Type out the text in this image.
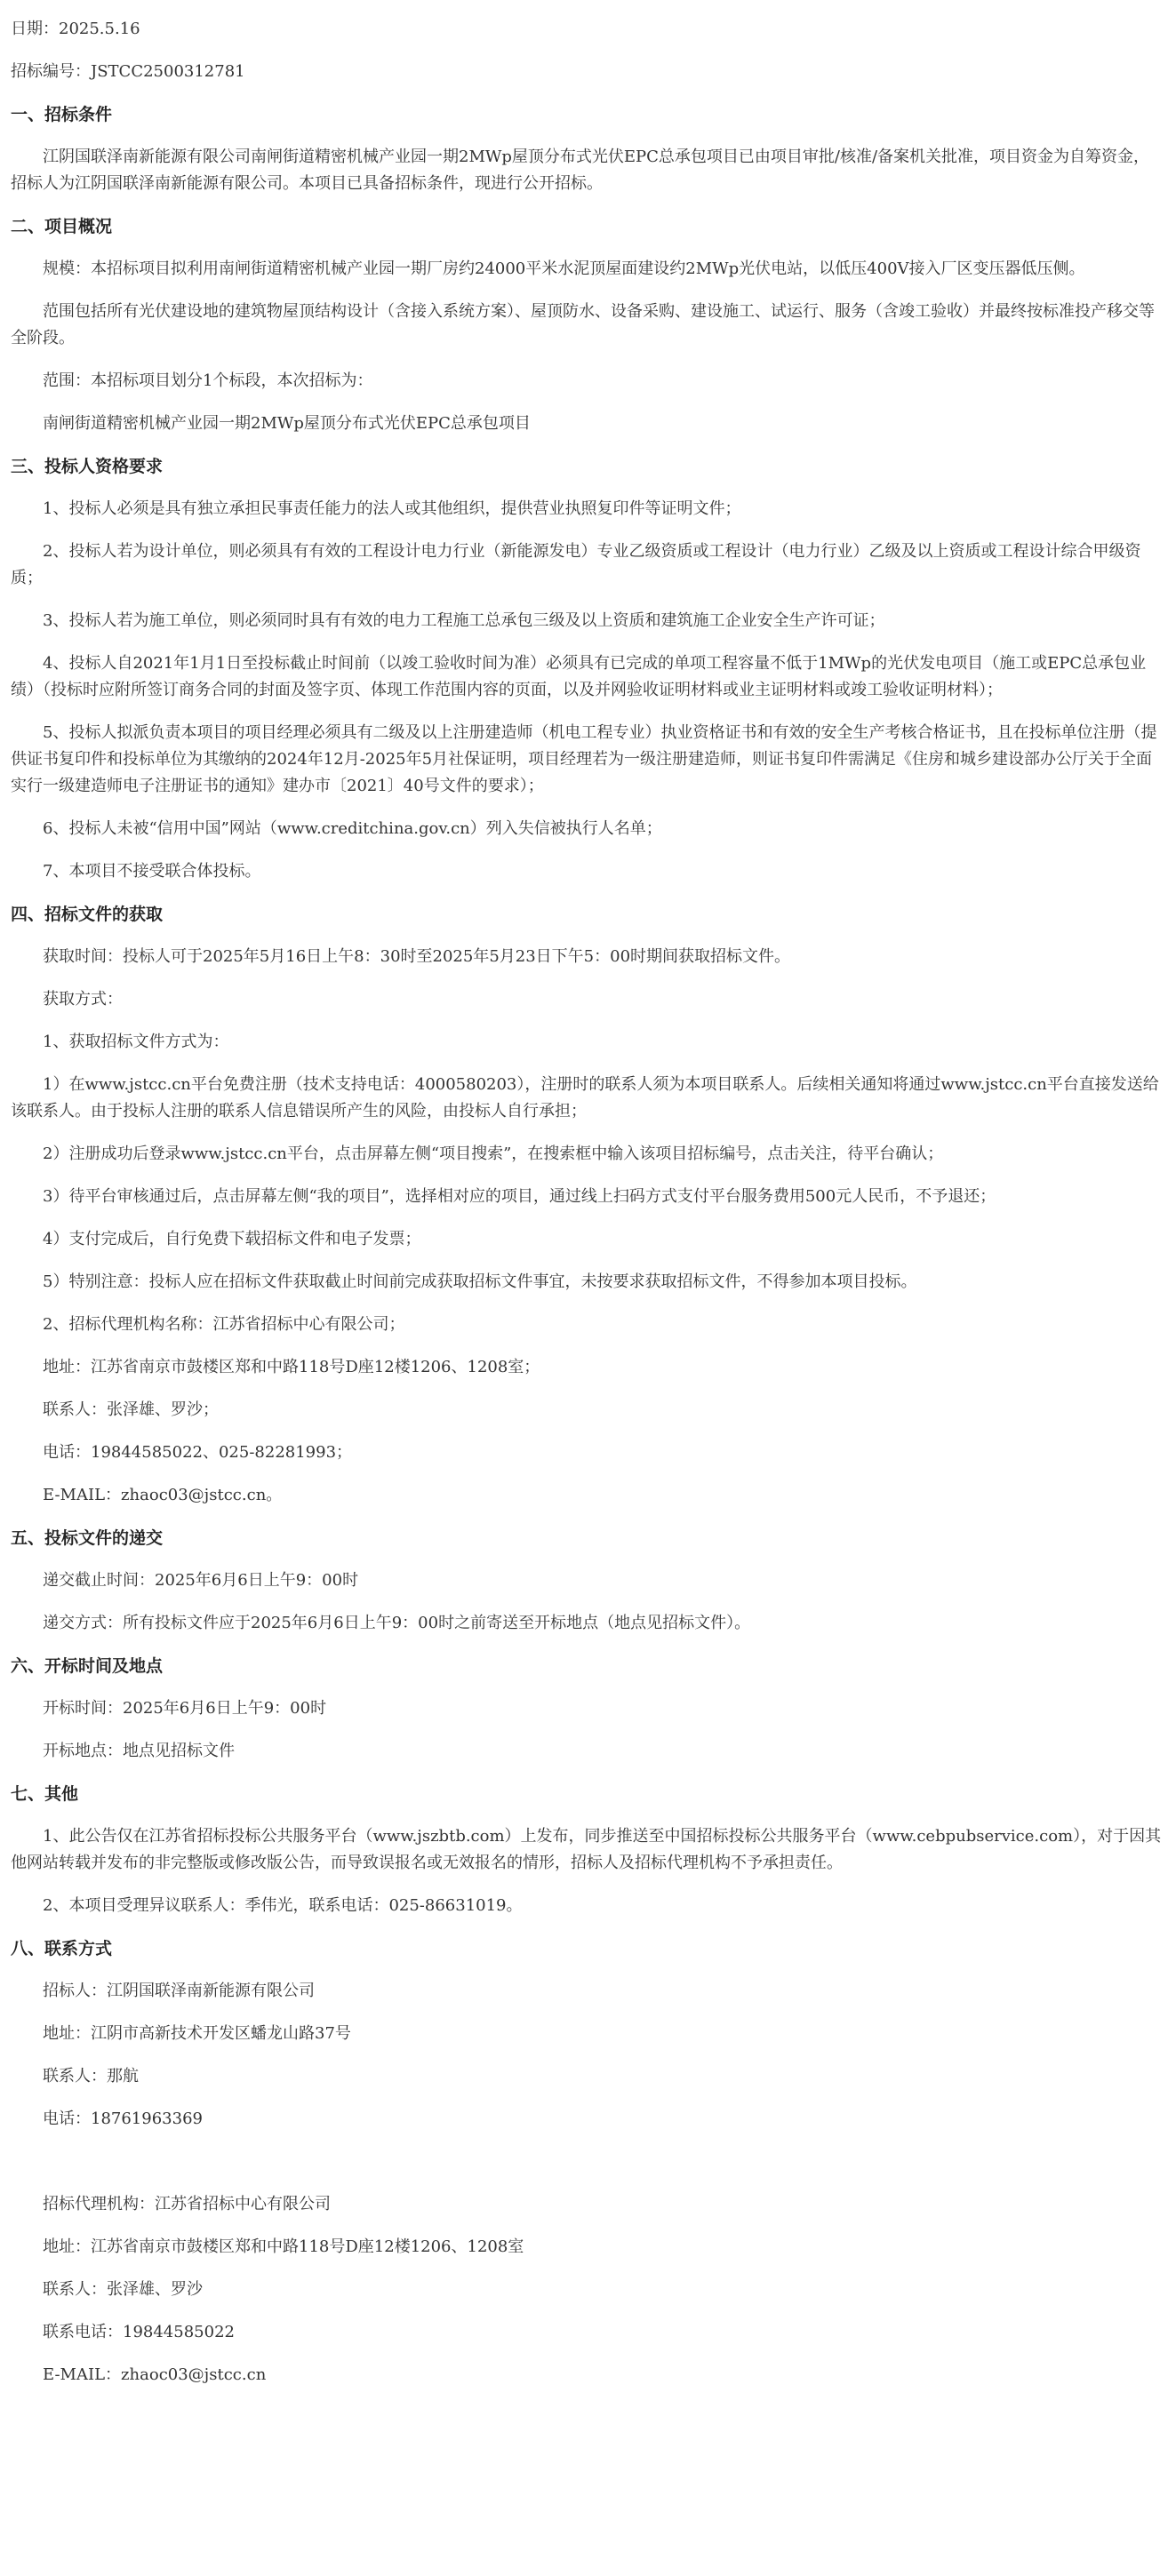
日期：2025.5.16

招标编号：JSTCC2500312781

一、招标条件

江阴国联泽南新能源有限公司南闸街道精密机械产业园一期2MWp屋顶分布式光伏EPC总承包项目已由项目审批/核准/备案机关批准，项目资金为自筹资金，招标人为江阴国联泽南新能源有限公司。本项目已具备招标条件，现进行公开招标。

二、项目概况

规模：本招标项目拟利用南闸街道精密机械产业园一期厂房约24000平米水泥顶屋面建设约2MWp光伏电站，以低压400V接入厂区变压器低压侧。

范围包括所有光伏建设地的建筑物屋顶结构设计（含接入系统方案）、屋顶防水、设备采购、建设施工、试运行、服务（含竣工验收）并最终按标准投产移交等全阶段。

范围：本招标项目划分1个标段，本次招标为：

南闸街道精密机械产业园一期2MWp屋顶分布式光伏EPC总承包项目

三、投标人资格要求

1、投标人必须是具有独立承担民事责任能力的法人或其他组织，提供营业执照复印件等证明文件；

2、投标人若为设计单位，则必须具有有效的工程设计电力行业（新能源发电）专业乙级资质或工程设计（电力行业）乙级及以上资质或工程设计综合甲级资质；

3、投标人若为施工单位，则必须同时具有有效的电力工程施工总承包三级及以上资质和建筑施工企业安全生产许可证；

4、投标人自2021年1月1日至投标截止时间前（以竣工验收时间为准）必须具有已完成的单项工程容量不低于1MWp的光伏发电项目（施工或EPC总承包业绩）（投标时应附所签订商务合同的封面及签字页、体现工作范围内容的页面，以及并网验收证明材料或业主证明材料或竣工验收证明材料）；

5、投标人拟派负责本项目的项目经理必须具有二级及以上注册建造师（机电工程专业）执业资格证书和有效的安全生产考核合格证书，且在投标单位注册（提供证书复印件和投标单位为其缴纳的2024年12月-2025年5月社保证明，项目经理若为一级注册建造师，则证书复印件需满足《住房和城乡建设部办公厅关于全面实行一级建造师电子注册证书的通知》建办市〔2021〕40号文件的要求）；

6、投标人未被“信用中国”网站（www.creditchina.gov.cn）列入失信被执行人名单；

7、本项目不接受联合体投标。

四、招标文件的获取

获取时间：投标人可于2025年5月16日上午8：30时至2025年5月23日下午5：00时期间获取招标文件。

获取方式：

1、获取招标文件方式为：

1）在www.jstcc.cn平台免费注册（技术支持电话：4000580203），注册时的联系人须为本项目联系人。后续相关通知将通过www.jstcc.cn平台直接发送给该联系人。由于投标人注册的联系人信息错误所产生的风险，由投标人自行承担；

2）注册成功后登录www.jstcc.cn平台，点击屏幕左侧“项目搜索”，在搜索框中输入该项目招标编号，点击关注，待平台确认；

3）待平台审核通过后，点击屏幕左侧“我的项目”，选择相对应的项目，通过线上扫码方式支付平台服务费用500元人民币，不予退还；

4）支付完成后，自行免费下载招标文件和电子发票；

5）特别注意：投标人应在招标文件获取截止时间前完成获取招标文件事宜，未按要求获取招标文件，不得参加本项目投标。

2、招标代理机构名称：江苏省招标中心有限公司；

地址：江苏省南京市鼓楼区郑和中路118号D座12楼1206、1208室；

联系人：张泽雄、罗沙；

电话：19844585022、025-82281993；

E-MAIL：zhaoc03@jstcc.cn。

五、投标文件的递交

递交截止时间：2025年6月6日上午9：00时

递交方式：所有投标文件应于2025年6月6日上午9：00时之前寄送至开标地点（地点见招标文件）。

六、开标时间及地点

开标时间：2025年6月6日上午9：00时

开标地点：地点见招标文件

七、其他

1、此公告仅在江苏省招标投标公共服务平台（www.jszbtb.com）上发布，同步推送至中国招标投标公共服务平台（www.cebpubservice.com），对于因其他网站转载并发布的非完整版或修改版公告，而导致误报名或无效报名的情形，招标人及招标代理机构不予承担责任。

2、本项目受理异议联系人：季伟光，联系电话：025-86631019。

八、联系方式

招标人：江阴国联泽南新能源有限公司

地址：江阴市高新技术开发区蟠龙山路37号

联系人：那航

电话：18761963369

招标代理机构：江苏省招标中心有限公司

地址：江苏省南京市鼓楼区郑和中路118号D座12楼1206、1208室

联系人：张泽雄、罗沙

联系电话：19844585022

E-MAIL：zhaoc03@jstcc.cn
